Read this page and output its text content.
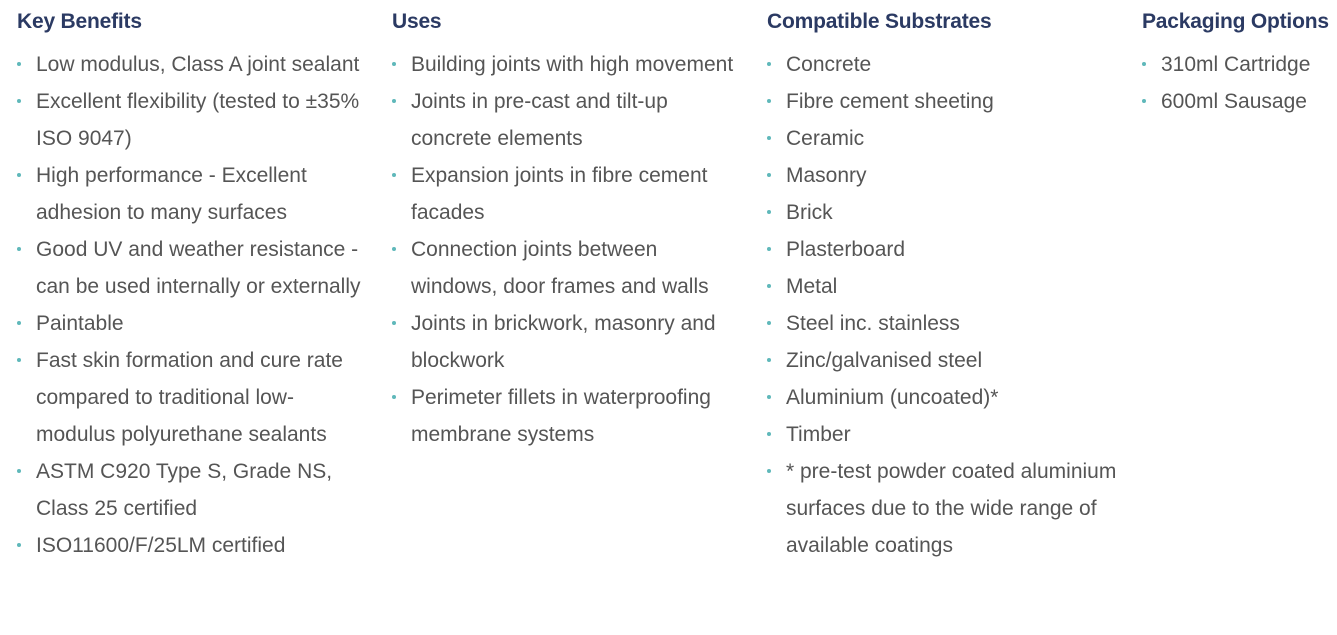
Key Benefits
Low modulus, Class A joint sealant
Excellent flexibility (tested to ±35% ISO 9047)
High performance - Excellent adhesion to many surfaces
Good UV and weather resistance - can be used internally or externally
Paintable
Fast skin formation and cure rate compared to traditional low-modulus polyurethane sealants
ASTM C920 Type S, Grade NS, Class 25 certified
ISO11600/F/25LM certified
Uses
Building joints with high movement
Joints in pre-cast and tilt-up concrete elements
Expansion joints in fibre cement facades
Connection joints between windows, door frames and walls
Joints in brickwork, masonry and blockwork
Perimeter fillets in waterproofing membrane systems
Compatible Substrates
Concrete
Fibre cement sheeting
Ceramic
Masonry
Brick
Plasterboard
Metal
Steel inc. stainless
Zinc/galvanised steel
Aluminium (uncoated)*
Timber
* pre-test powder coated aluminium surfaces due to the wide range of available coatings
Packaging Options
310ml Cartridge
600ml Sausage
